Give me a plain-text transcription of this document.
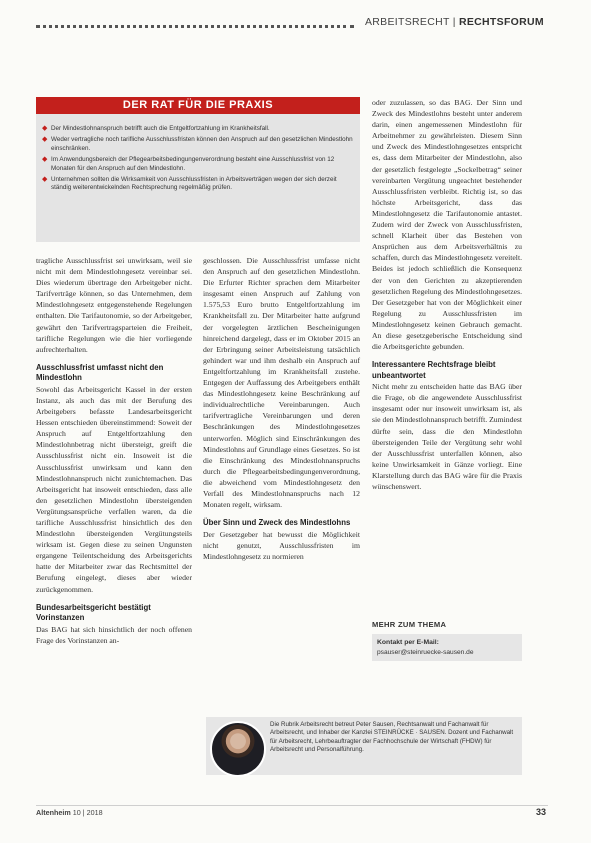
ARBEITSRECHT | RECHTSFORUM
DER RAT FÜR DIE PRAXIS
◆ Der Mindestlohnanspruch betrifft auch die Entgeltfortzahlung im Krankheitsfall.
◆ Weder vertragliche noch tarifliche Ausschlussfristen können den Anspruch auf den gesetzlichen Mindestlohn einschränken.
◆ Im Anwendungsbereich der Pflegearbeitsbedingungenverordnung besteht eine Ausschlussfrist von 12 Monaten für den Anspruch auf den Mindestlohn.
◆ Unternehmen sollten die Wirksamkeit von Ausschlussfristen in Arbeitsverträgen wegen der sich derzeit ständig weiterentwickelnden Rechtsprechung regelmäßig prüfen.

tragliche Ausschlussfrist sei unwirksam, weil sie nicht mit dem Mindestlohngesetz vereinbar sei. Dies wiederum übertrage den Arbeitgeber nicht. Tarifverträge können, so das Unternehmen, dem Mindestlohngesetz entgegenstehende Regelungen enthalten. Die Tarifautonomie, so der Arbeitgeber, gewährt den Tarifvertragsparteien die Freiheit, tarifliche Regelungen wie die hier vorliegende aufrechterhalten.

Ausschlussfrist umfasst nicht den Mindestlohn

Sowohl das Arbeitsgericht Kassel in der ersten Instanz, als auch das mit der Berufung des Arbeitgebers befasste Landesarbeitsgericht Hessen entschieden übereinstimmend: Soweit der Anspruch auf Entgeltfortzahlung den Mindestlohnbetrag nicht übersteigt, greift die Ausschlussfrist nicht ein. Insoweit ist die Ausschlussfrist unwirksam und kann den Mindestlohnanspruch nicht zunichtemachen. Das Arbeitsgericht hat insoweit entschieden, dass alle den gesetzlichen Mindestlohn übersteigenden Vergütungsansprüche verfallen waren, da die tarifliche Ausschlussfrist hinsichtlich des den Mindestlohn übersteigenden Vergütungsteils wirksam ist. Gegen diese zu seinen Ungunsten ergangene Teilentscheidung des Arbeitsgerichts hatte der Mitarbeiter zwar das Rechtsmittel der Berufung eingelegt, dieses aber wieder zurückgenommen.

Bundesarbeitsgericht bestätigt Vorinstanzen

Das BAG hat sich hinsichtlich der noch offenen Frage des Vorinstanzen an-

geschlossen. Die Ausschlussfrist umfasse nicht den Anspruch auf den gesetzlichen Mindestlohn. Die Erfurter Richter sprachen dem Mitarbeiter insgesamt einen Anspruch auf Zahlung von 1.575,53 Euro brutto Entgeltfortzahlung im Krankheitsfall zu. Der Mitarbeiter hatte aufgrund der vorgelegten ärztlichen Bescheinigungen hinreichend dargelegt, dass er im Oktober 2015 an der Erbringung seiner Arbeitsleistung tatsächlich gehindert war und ihm deshalb ein Anspruch auf Entgeltfortzahlung im Krankheitsfall zustehe. Entgegen der Auffassung des Arbeitgebers enthält das Mindestlohngesetz keine Beschränkung auf individualrechtliche Vereinbarungen. Auch tarifvertragliche Vereinbarungen und deren Beschränkungen des Mindestlohngesetzes unterworfen. Möglich sind Einschränkungen des Mindestlohns auf Grundlage eines Gesetzes. So ist die Einschränkung des Mindestlohnanspruchs durch die Pflegearbeitsbedingungenverordnung, die abweichend vom Mindestlohngesetz den Verfall des Mindestlohnanspruchs nach 12 Monaten regelt, wirksam.

Über Sinn und Zweck des Mindestlohns

Der Gesetzgeber hat bewusst die Möglichkeit nicht genutzt, Ausschlussfristen im Mindestlohngesetz zu normieren

oder zuzulassen, so das BAG. Der Sinn und Zweck des Mindestlohns besteht unter anderem darin, einen angemessenen Mindestlohn für Arbeitnehmer zu gewährleisten. Diesem Sinn und Zweck des Mindestlohngesetzes entspricht es, dass dem Mitarbeiter der Mindestlohn, also der gesetzlich festgelegte „Sockelbetrag“ seiner vereinbarten Vergütung ungeachtet bestehender Ausschlussfristen verbleibt. Richtig ist, so das höchste Arbeitsgericht, dass das Mindestlohngesetz die Tarifautonomie antastet. Zudem wird der Zweck von Ausschlussfristen, schnell Klarheit über das Bestehen von Ansprüchen aus dem Arbeitsverhältnis zu schaffen, durch das Mindestlohngesetz vereitelt. Beides ist jedoch schließlich die Konsequenz der von den Gerichten zu akzeptierenden gesetzlichen Regelung des Mindestlohngesetzes. Der Gesetzgeber hat von der Möglichkeit einer Regelung zu Ausschlussfristen im Mindestlohngesetz keinen Gebrauch gemacht. An diese gesetzgeberische Entscheidung sind die Arbeitsgerichte gebunden.

Interessantere Rechtsfrage bleibt unbeantwortet

Nicht mehr zu entscheiden hatte das BAG über die Frage, ob die angewendete Ausschlussfrist insgesamt oder nur insoweit unwirksam ist, als sie den Mindestlohnanspruch betrifft. Zumindest dürfte sein, dass die den Mindestlohn übersteigenden Teile der Vergütung sehr wohl der Ausschlussfrist unterfallen können, also keine Unwirksamkeit in Gänze vorliegt. Eine Klarstellung durch das BAG wäre für die Praxis wünschenswert.

MEHR ZUM THEMA
Kontakt per E-Mail:
psauser@steinruecke-sausen.de
Die Rubrik Arbeitsrecht betreut Peter Sausen, Rechtsanwalt und Fachanwalt für Arbeitsrecht, und Inhaber der Kanzlei STEINRÜCKE · SAUSEN. Dozent und Fachanwalt für Arbeitsrecht, Lehrbeauftragter der Fachhochschule der Wirtschaft (FHDW) für Arbeitsrecht und Personalführung.
Altenheim 10 | 2018	33
